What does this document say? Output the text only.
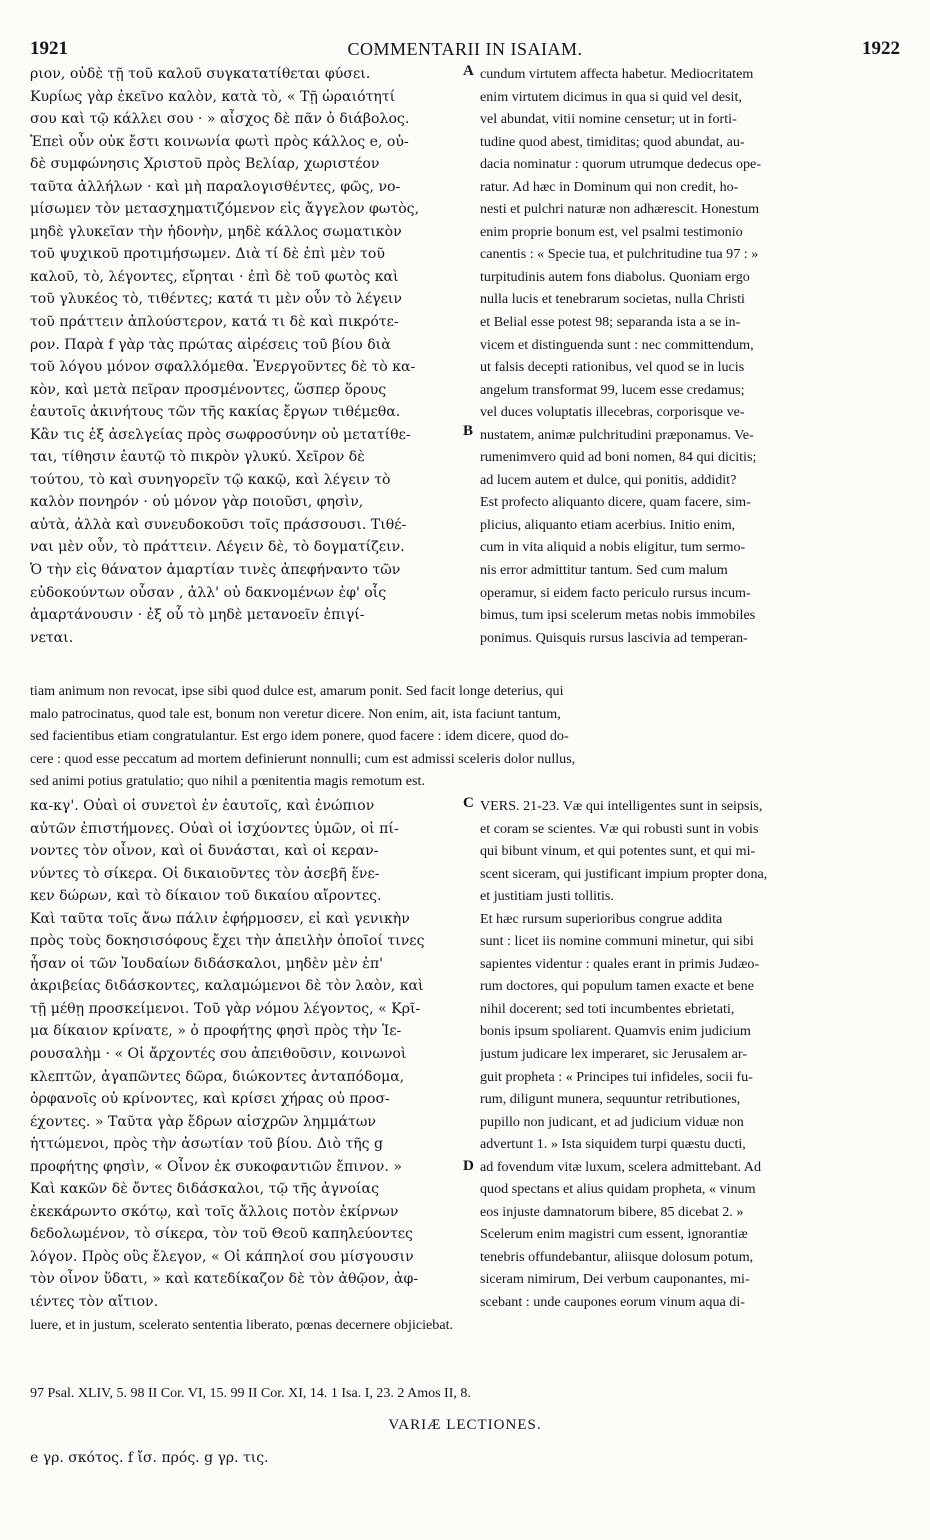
1921	COMMENTARII IN ISAIAM.	1922
ριον, οὐδὲ τῇ τοῦ καλοῦ συγκατατίθεται φύσει.
Κυρίως γὰρ ἐκεῖνο καλὸν, κατὰ τὸ, « Τῇ ὡραιότητί
σου καὶ τῷ κάλλει σου · » αἶσχος δὲ πᾶν ὁ διάβολος.
Ἐπεὶ οὖν οὐκ ἔστι κοινωνία φωτὶ πρὸς κάλλος e, οὐ-
δὲ συμφώνησις Χριστοῦ πρὸς Βελίαρ, χωριστέον
ταῦτα ἀλλήλων · καὶ μὴ παραλογισθέντες, φῶς, νο-
μίσωμεν τὸν μετασχηματιζόμενον εἰς ἄγγελον φωτὸς,
μηδὲ γλυκεῖαν τὴν ἡδονὴν, μηδὲ κάλλος σωματικὸν
τοῦ ψυχικοῦ προτιμήσωμεν. Διὰ τί δὲ ἐπὶ μὲν τοῦ
καλοῦ, τὸ, λέγοντες, εἴρηται · ἐπὶ δὲ τοῦ φωτὸς καὶ
τοῦ γλυκέος τὸ, τιθέντες; κατά τι μὲν οὖν τὸ λέγειν
τοῦ πράττειν ἁπλούστερον, κατά τι δὲ καὶ πικρότε-
ρον. Παρὰ f γὰρ τὰς πρώτας αἱρέσεις τοῦ βίου διὰ
τοῦ λόγου μόνον σφαλλόμεθα. Ἐνεργοῦντες δὲ τὸ κα-
κὸν, καὶ μετὰ πεῖραν προσμένοντες, ὥσπερ ὅρους
ἑαυτοῖς ἀκινήτους τῶν τῆς κακίας ἔργων τιθέμεθα.
Κἂν τις ἐξ ἀσελγείας πρὸς σωφροσύνην οὐ μετατίθε-
ται, τίθησιν ἑαυτῷ τὸ πικρὸν γλυκύ. Χεῖρον δὲ
τούτου, τὸ καὶ συνηγορεῖν τῷ κακῷ, καὶ λέγειν τὸ
καλὸν πονηρόν · οὐ μόνον γὰρ ποιοῦσι, φησὶν,
αὐτὰ, ἀλλὰ καὶ συνευδοκοῦσι τοῖς πράσσουσι. Τιθέ-
ναι μὲν οὖν, τὸ πράττειν. Λέγειν δὲ, τὸ δογματίζειν.
Ὁ τὴν εἰς θάνατον ἁμαρτίαν τινὲς ἀπεφήναντο τῶν
εὐδοκούντων οὖσαν , ἀλλ' οὐ δακνομένων ἐφ' οἷς
ἁμαρτάνουσιν · ἐξ οὗ τὸ μηδὲ μετανοεῖν ἐπιγί-
νεται.
cundum virtutem affecta habetur. Mediocritatem
enim virtutem dicimus in qua si quid vel desit,
vel abundat, vitii nomine censetur; ut in forti-
tudine quod abest, timiditas; quod abundat, au-
dacia nominatur : quorum utrumque dedecus ope-
ratur. Ad hæc in Dominum qui non credit, ho-
nesti et pulchri naturæ non adhærescit. Honestum
enim proprie bonum est, vel psalmi testimonio
canentis : « Specie tua, et pulchritudine tua 97 : »
turpitudinis autem fons diabolus. Quoniam ergo
nulla lucis et tenebrarum societas, nulla Christi
et Belial esse potest 98; separanda ista a se in-
vicem et distinguenda sunt : nec committendum,
ut falsis decepti rationibus, vel quod se in lucis
angelum transformat 99, lucem esse credamus;
vel duces voluptatis illecebras, corporisque ve-
nustatem, animæ pulchritudini præponamus. Ve-
rumenimvero quid ad boni nomen, 84 qui dicitis;
ad lucem autem et dulce, qui ponitis, addidit?
Est profecto aliquanto dicere, quam facere, sim-
plicius, aliquanto etiam acerbius. Initio enim,
cum in vita aliquid a nobis eligitur, tum sermo-
nis error admittitur tantum. Sed cum malum
operamur, si eidem facto periculo rursus incum-
bimus, tum ipsi scelerum metas nobis immobiles
ponimus. Quisquis rursus lascivia ad temperan-
tiam animum non revocat, ipse sibi quod dulce est, amarum ponit. Sed facit longe deterius, qui
malo patrocinatus, quod tale est, bonum non veretur dicere. Non enim, ait, ista faciunt tantum,
sed facientibus etiam congratulantur. Est ergo idem ponere, quod facere : idem dicere, quod do-
cere : quod esse peccatum ad mortem definierunt nonnulli; cum est admissi sceleris dolor nullus,
sed animi potius gratulatio; quo nihil a pœnitentia magis remotum est.
κα-κγ'. Οὐαὶ οἱ συνετοὶ ἐν ἑαυτοῖς, καὶ ἐνώπιον
αὐτῶν ἐπιστήμονες. Οὐαὶ οἱ ἰσχύοντες ὑμῶν, οἱ πί-
νοντες τὸν οἶνον, καὶ οἱ δυνάσται, καὶ οἱ κεραν-
νύντες τὸ σίκερα. Οἱ δικαιοῦντες τὸν ἀσεβῆ ἕνε-
κεν δώρων, καὶ τὸ δίκαιον τοῦ δικαίου αἴροντες.
Καὶ ταῦτα τοῖς ἄνω πάλιν ἐφήρμοσεν, εἰ καὶ γενικὴν
πρὸς τοὺς δοκησισόφους ἔχει τὴν ἀπειλὴν ὁποῖοί τινες
ἦσαν οἱ τῶν Ἰουδαίων διδάσκαλοι, μηδὲν μὲν ἐπ'
ἀκριβείας διδάσκοντες, καλαμώμενοι δὲ τὸν λαὸν, καὶ
τῇ μέθῃ προσκείμενοι. Τοῦ γὰρ νόμου λέγοντος, « Κρῖ-
μα δίκαιον κρίνατε, » ὁ προφήτης φησὶ πρὸς τὴν Ἱε-
ρουσαλὴμ · « Οἱ ἄρχοντές σου ἀπειθοῦσιν, κοινωνοὶ
κλεπτῶν, ἀγαπῶντες δῶρα, διώκοντες ἀνταπόδομα,
ὀρφανοῖς οὐ κρίνοντες, καὶ κρίσει χήρας οὐ προσ-
έχοντες. » Ταῦτα γὰρ ἔδρων αἰσχρῶν λημμάτων
ἡττώμενοι, πρὸς τὴν ἀσωτίαν τοῦ βίου. Διὸ τῆς g
προφήτης φησὶν, « Οἶνον ἐκ συκοφαντιῶν ἔπινον. »
Καὶ κακῶν δὲ ὄντες διδάσκαλοι, τῷ τῆς ἀγνοίας
ἐκεκάρωντο σκότῳ, καὶ τοῖς ἄλλοις ποτὸν ἐκίρνων
δεδολωμένον, τὸ σίκερα, τὸν τοῦ Θεοῦ καπηλεύοντες
λόγον. Πρὸς οὓς ἔλεγον, « Οἱ κάπηλοί σου μίσγουσιν
τὸν οἶνον ὕδατι, » καὶ κατεδίκαζον δὲ τὸν ἀθῷον, ἀφ-
ιέντες τὸν αἴτιον.
VERS. 21-23. Væ qui intelligentes sunt in seipsis,
et coram se scientes. Væ qui robusti sunt in vobis
qui bibunt vinum, et qui potentes sunt, et qui mi-
scent siceram, qui justificant impium propter dona,
et justitiam justi tollitis.
Et hæc rursum superioribus congrue addita
sunt : licet iis nomine communi minetur, qui sibi
sapientes videntur : quales erant in primis Judæo-
rum doctores, qui populum tamen exacte et bene
nihil docerent; sed toti incumbentes ebrietati,
bonis ipsum spoliarent. Quamvis enim judicium
justum judicare lex imperaret, sic Jerusalem ar-
guit propheta : « Principes tui infideles, socii fu-
rum, diligunt munera, sequuntur retributiones,
pupillo non judicant, et ad judicium viduæ non
advertunt 1. » Ista siquidem turpi quæstu ducti,
ad fovendum vitæ luxum, scelera admittebant. Ad
quod spectans et alius quidam propheta, « vinum
eos injuste damnatorum bibere, 85 dicebat 2. »
Scelerum enim magistri cum essent, ignorantiæ
tenebris offundebantur, aliisque dolosum potum,
siceram nimirum, Dei verbum cauponantes, mi-
scebant : unde caupones eorum vinum aqua di-
luere, et in justum, scelerato sententia liberato, pœnas decernere objiciebat.
A
B
C
D
97 Psal. XLIV, 5. 98 II Cor. VI, 15. 99 II Cor. XI, 14. 1 Isa. I, 23. 2 Amos II, 8.
VARIÆ LECTIONES.
e γρ. σκότος. f ἴσ. πρός. g γρ. τις.
